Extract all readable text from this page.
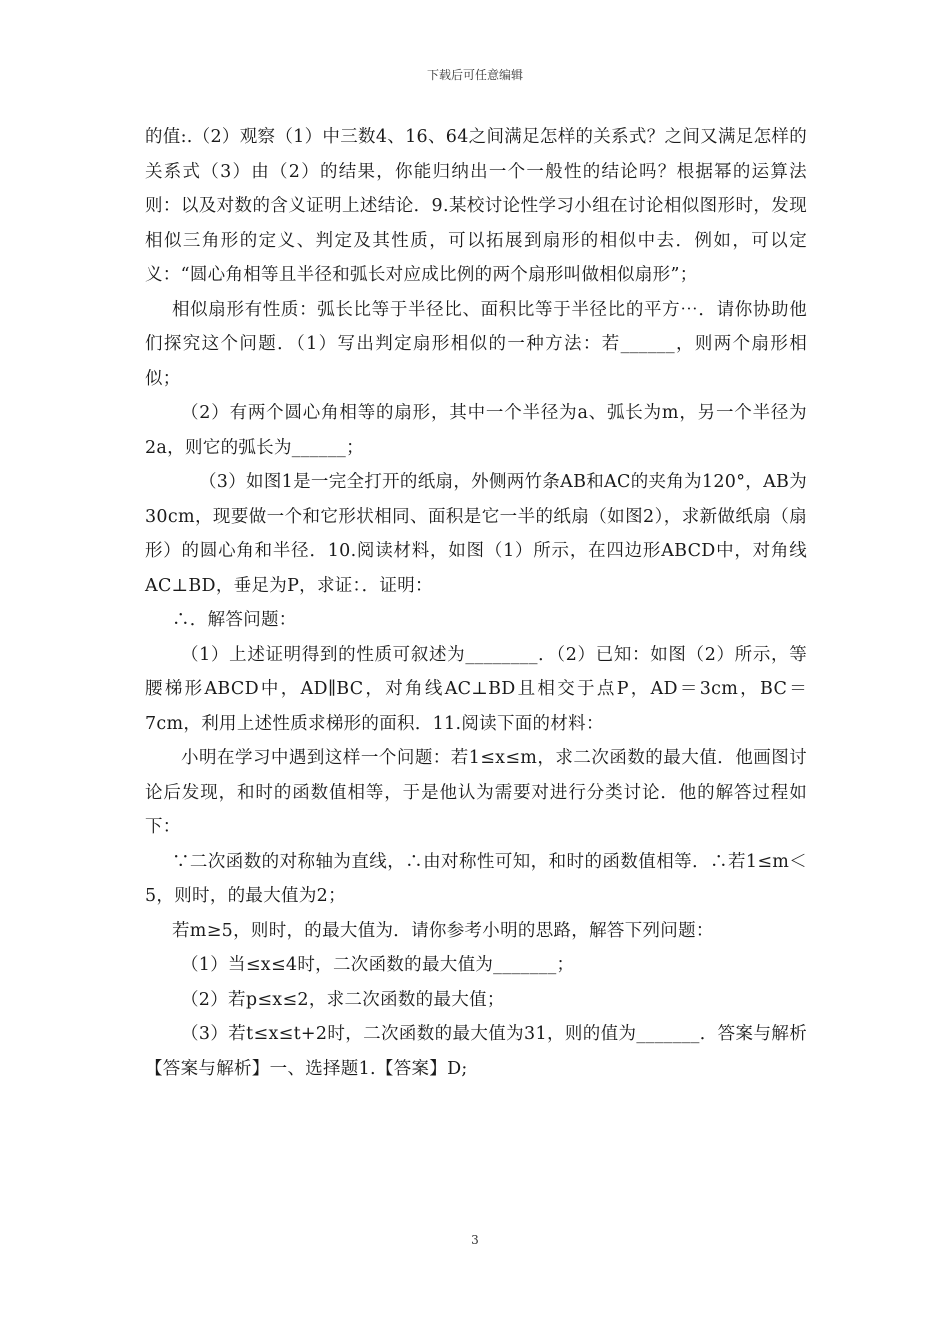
下载后可任意编辑

的值:.（2）观察（1）中三数4、16、64之间满足怎样的关系式？之间又满足怎样的关系式（3）由（2）的结果，你能归纳出一个一般性的结论吗？根据幂的运算法则：以及对数的含义证明上述结论．9.某校讨论性学习小组在讨论相似图形时，发现相似三角形的定义、判定及其性质，可以拓展到扇形的相似中去．例如，可以定义：“圆心角相等且半径和弧长对应成比例的两个扇形叫做相似扇形”；

相似扇形有性质：弧长比等于半径比、面积比等于半径比的平方⋯．请你协助他们探究这个问题．（1）写出判定扇形相似的一种方法：若______，则两个扇形相似；

（2）有两个圆心角相等的扇形，其中一个半径为a、弧长为m，另一个半径为2a，则它的弧长为______；

（3）如图1是一完全打开的纸扇，外侧两竹条AB和AC的夹角为120°，AB为30cm，现要做一个和它形状相同、面积是它一半的纸扇（如图2），求新做纸扇（扇形）的圆心角和半径．10.阅读材料，如图（1）所示，在四边形ABCD中，对角线AC⊥BD，垂足为P，求证：．证明：

∴．解答问题：

（1）上述证明得到的性质可叙述为________．（2）已知：如图（2）所示，等腰梯形ABCD中，AD∥BC，对角线AC⊥BD且相交于点P，AD＝3cm，BC＝7cm，利用上述性质求梯形的面积．11.阅读下面的材料：

小明在学习中遇到这样一个问题：若1≤x≤m，求二次函数的最大值．他画图讨论后发现，和时的函数值相等，于是他认为需要对进行分类讨论．他的解答过程如下：

∵二次函数的对称轴为直线，∴由对称性可知，和时的函数值相等．∴若1≤m＜5，则时，的最大值为2；

若m≥5，则时，的最大值为．请你参考小明的思路，解答下列问题：

（1）当≤x≤4时，二次函数的最大值为_______；

（2）若p≤x≤2，求二次函数的最大值；

（3）若t≤x≤t+2时，二次函数的最大值为31，则的值为_______．答案与解析【答案与解析】一、选择题1.【答案】D;

3
